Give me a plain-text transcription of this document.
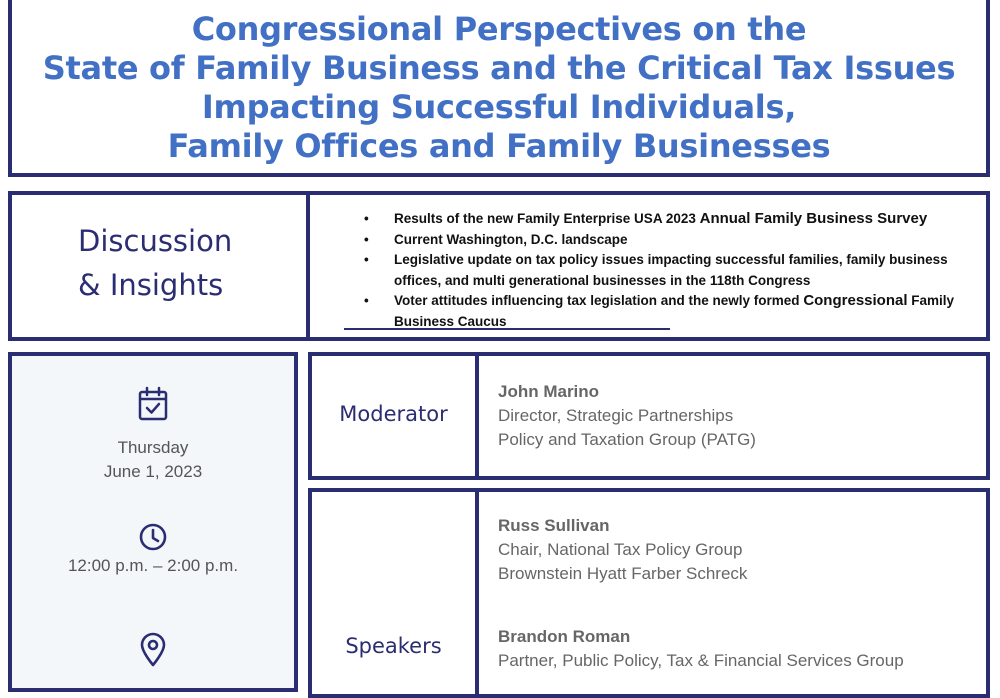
Congressional Perspectives on the
State of Family Business and the Critical Tax Issues
Impacting Successful Individuals,
Family Offices and Family Businesses
Discussion
& Insights
• Results of the new Family Enterprise USA 2023 Annual Family Business Survey
• Current Washington, D.C. landscape
• Legislative update on tax policy issues impacting successful families, family business offices, and multi generational businesses in the 118th Congress
• Voter attitudes influencing tax legislation and the newly formed Congressional Family Business Caucus
Thursday
June 1, 2023
12:00 p.m. – 2:00 p.m.
Moderator
John Marino
Director, Strategic Partnerships
Policy and Taxation Group (PATG)
Speakers
Russ Sullivan
Chair, National Tax Policy Group
Brownstein Hyatt Farber Schreck
Brandon Roman
Partner, Public Policy, Tax & Financial Services Group
